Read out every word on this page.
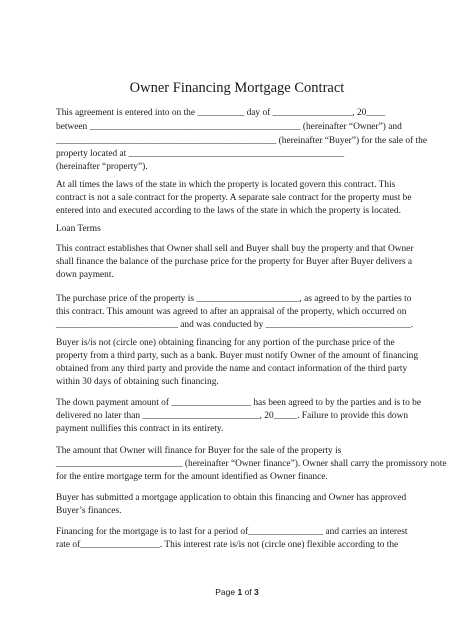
Owner Financing Mortgage Contract
This agreement is entered into on the __________ day of _________________, 20____
between _____________________________________________ (hereinafter “Owner”) and
_______________________________________________ (hereinafter “Buyer”) for the sale of the
property located at ______________________________________________
(hereinafter “property”).
At all times the laws of the state in which the property is located govern this contract. This
contract is not a sale contract for the property. A separate sale contract for the property must be
entered into and executed according to the laws of the state in which the property is located.
Loan Terms
This contract establishes that Owner shall sell and Buyer shall buy the property and that Owner
shall finance the balance of the purchase price for the property for Buyer after Buyer delivers a
down payment.
The purchase price of the property is ______________________, as agreed to by the parties to
this contract. This amount was agreed to after an appraisal of the property, which occurred on
__________________________ and was conducted by _______________________________.
Buyer is/is not (circle one) obtaining financing for any portion of the purchase price of the
property from a third party, such as a bank. Buyer must notify Owner of the amount of financing
obtained from any third party and provide the name and contact information of the third party
within 30 days of obtaining such financing.
The down payment amount of _________________ has been agreed to by the parties and is to be
delivered no later than _________________________, 20_____. Failure to provide this down
payment nullifies this contract in its entirety.
The amount that Owner will finance for Buyer for the sale of the property is
___________________________ (hereinafter “Owner finance”). Owner shall carry the promissory note
for the entire mortgage term for the amount identified as Owner finance.
Buyer has submitted a mortgage application to obtain this financing and Owner has approved
Buyer’s finances.
Financing for the mortgage is to last for a period of________________ and carries an interest
rate of_________________. This interest rate is/is not (circle one) flexible according to the
Page 1 of 3
